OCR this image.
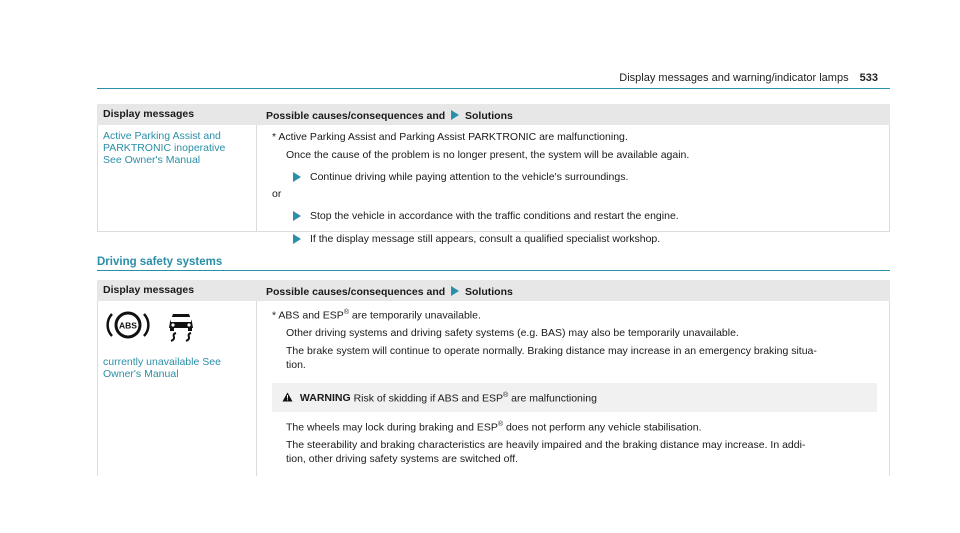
Display messages and warning/indicator lamps 533
Display messages	Possible causes/consequences and Solutions
Active Parking Assist and
PARKTRONIC inoperative
See Owner's Manual
* Active Parking Assist and Parking Assist PARKTRONIC are malfunctioning.
Once the cause of the problem is no longer present, the system will be available again.
Continue driving while paying attention to the vehicle's surroundings.
or
Stop the vehicle in accordance with the traffic conditions and restart the engine.
If the display message still appears, consult a qualified specialist workshop.
Driving safety systems
Display messages	Possible causes/consequences and Solutions
ABS

currently unavailable See
Owner's Manual
* ABS and ESP® are temporarily unavailable.
Other driving systems and driving safety systems (e.g. BAS) may also be temporarily unavailable.
The brake system will continue to operate normally. Braking distance may increase in an emergency braking situa-
tion.
WARNING Risk of skidding if ABS and ESP® are malfunctioning
The wheels may lock during braking and ESP® does not perform any vehicle stabilisation.
The steerability and braking characteristics are heavily impaired and the braking distance may increase. In addi-
tion, other driving safety systems are switched off.
